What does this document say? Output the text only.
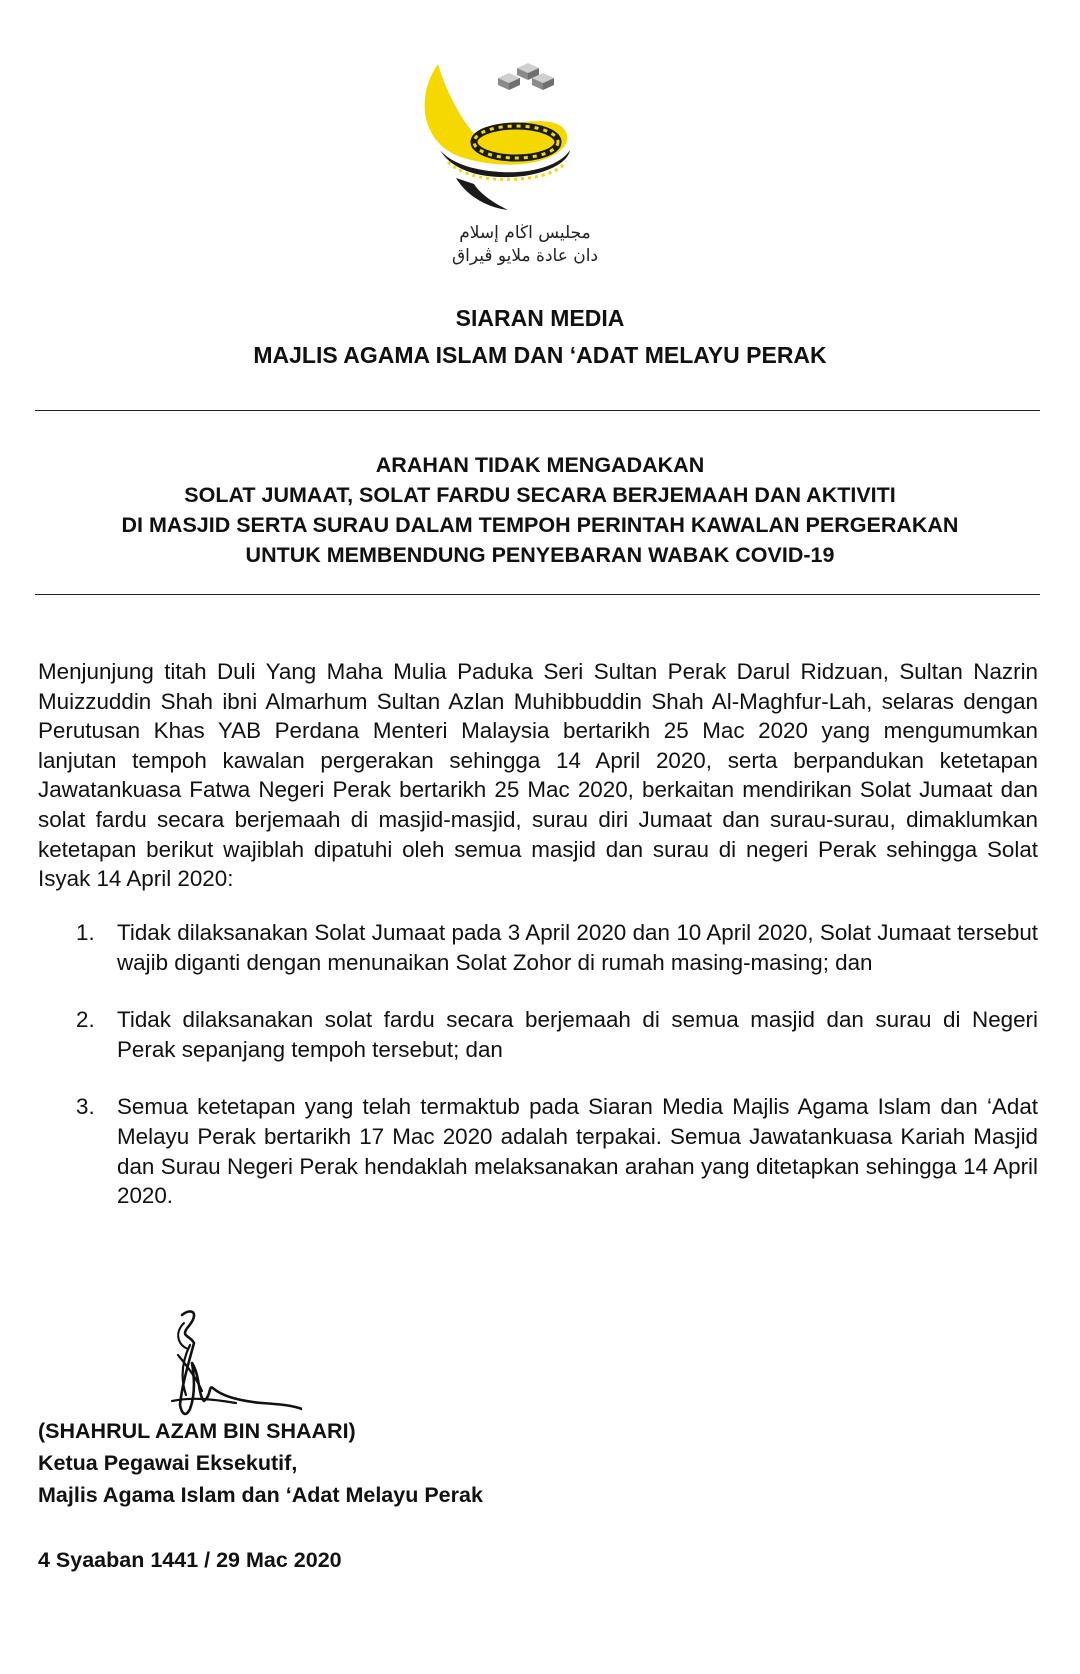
مجليس اڬام إسلام
دان عادة ملايو ڤيراق
SIARAN MEDIA
MAJLIS AGAMA ISLAM DAN ‘ADAT MELAYU PERAK
ARAHAN TIDAK MENGADAKAN
SOLAT JUMAAT, SOLAT FARDU SECARA BERJEMAAH DAN AKTIVITI
DI MASJID SERTA SURAU DALAM TEMPOH PERINTAH KAWALAN PERGERAKAN
UNTUK MEMBENDUNG PENYEBARAN WABAK COVID-19
Menjunjung titah Duli Yang Maha Mulia Paduka Seri Sultan Perak Darul Ridzuan, Sultan Nazrin Muizzuddin Shah ibni Almarhum Sultan Azlan Muhibbuddin Shah Al-Maghfur-Lah, selaras dengan Perutusan Khas YAB Perdana Menteri Malaysia bertarikh 25 Mac 2020 yang mengumumkan lanjutan tempoh kawalan pergerakan sehingga 14 April 2020, serta berpandukan ketetapan Jawatankuasa Fatwa Negeri Perak bertarikh 25 Mac 2020, berkaitan mendirikan Solat Jumaat dan solat fardu secara berjemaah di masjid-masjid, surau diri Jumaat dan surau-surau, dimaklumkan ketetapan berikut wajiblah dipatuhi oleh semua masjid dan surau di negeri Perak sehingga Solat Isyak 14 April 2020:
1. Tidak dilaksanakan Solat Jumaat pada 3 April 2020 dan 10 April 2020, Solat Jumaat tersebut wajib diganti dengan menunaikan Solat Zohor di rumah masing-masing; dan
2. Tidak dilaksanakan solat fardu secara berjemaah di semua masjid dan surau di Negeri Perak sepanjang tempoh tersebut; dan
3. Semua ketetapan yang telah termaktub pada Siaran Media Majlis Agama Islam dan ‘Adat Melayu Perak bertarikh 17 Mac 2020 adalah terpakai. Semua Jawatankuasa Kariah Masjid dan Surau Negeri Perak hendaklah melaksanakan arahan yang ditetapkan sehingga 14 April 2020.
(SHAHRUL AZAM BIN SHAARI)
Ketua Pegawai Eksekutif,
Majlis Agama Islam dan ‘Adat Melayu Perak
4 Syaaban 1441 / 29 Mac 2020
